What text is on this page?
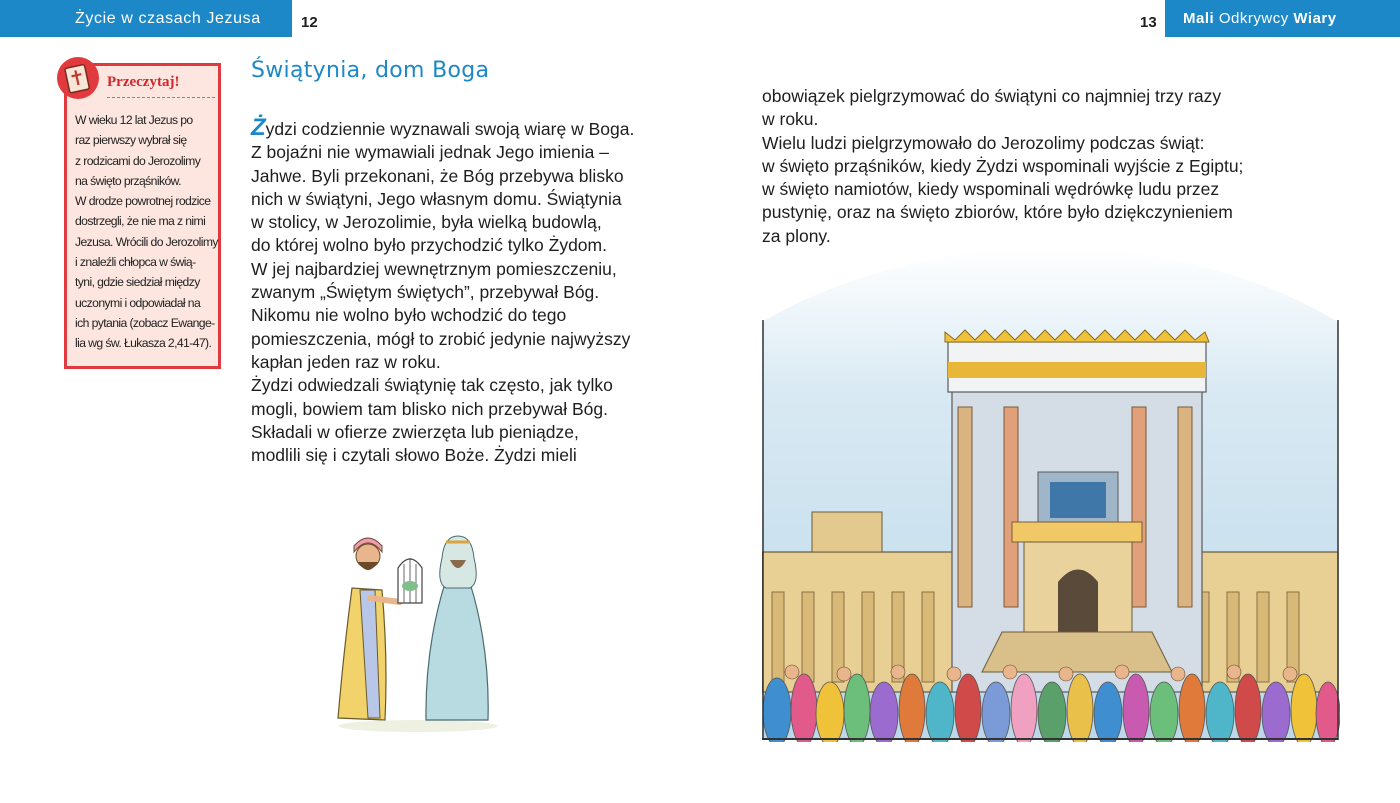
Życie w czasach Jezusa	12	13	Mali Odkrywcy Wiary
Przeczytaj!
W wieku 12 lat Jezus po
raz pierwszy wybrał się
z rodzicami do Jerozolimy
na święto prząśników.
W drodze powrotnej rodzice
dostrzegli, że nie ma z nimi
Jezusa. Wrócili do Jerozolimy
i znaleźli chłopca w świą-
tyni, gdzie siedział między
uczonymi i odpowiadał na
ich pytania (zobacz Ewange-
lia wg św. Łukasza 2,41-47).
Świątynia, dom Boga
Żydzi codziennie wyznawali swoją wiarę w Boga.
Z bojaźni nie wymawiali jednak Jego imienia –
Jahwe. Byli przekonani, że Bóg przebywa blisko
nich w świątyni, Jego własnym domu. Świątynia
w stolicy, w Jerozolimie, była wielką budowlą,
do której wolno było przychodzić tylko Żydom.
W jej najbardziej wewnętrznym pomieszczeniu,
zwanym „Świętym świętych”, przebywał Bóg.
Nikomu nie wolno było wchodzić do tego
pomieszczenia, mógł to zrobić jedynie najwyższy
kapłan jeden raz w roku.
Żydzi odwiedzali świątynię tak często, jak tylko
mogli, bowiem tam blisko nich przebywał Bóg.
Składali w ofierze zwierzęta lub pieniądze,
modlili się i czytali słowo Boże. Żydzi mieli
obowiązek pielgrzymować do świątyni co najmniej trzy razy
w roku.
Wielu ludzi pielgrzymowało do Jerozolimy podczas świąt:
w święto prząśników, kiedy Żydzi wspominali wyjście z Egiptu;
w święto namiotów, kiedy wspominali wędrówkę ludu przez
pustynię, oraz na święto zbiorów, które było dziękczynieniem
za plony.
